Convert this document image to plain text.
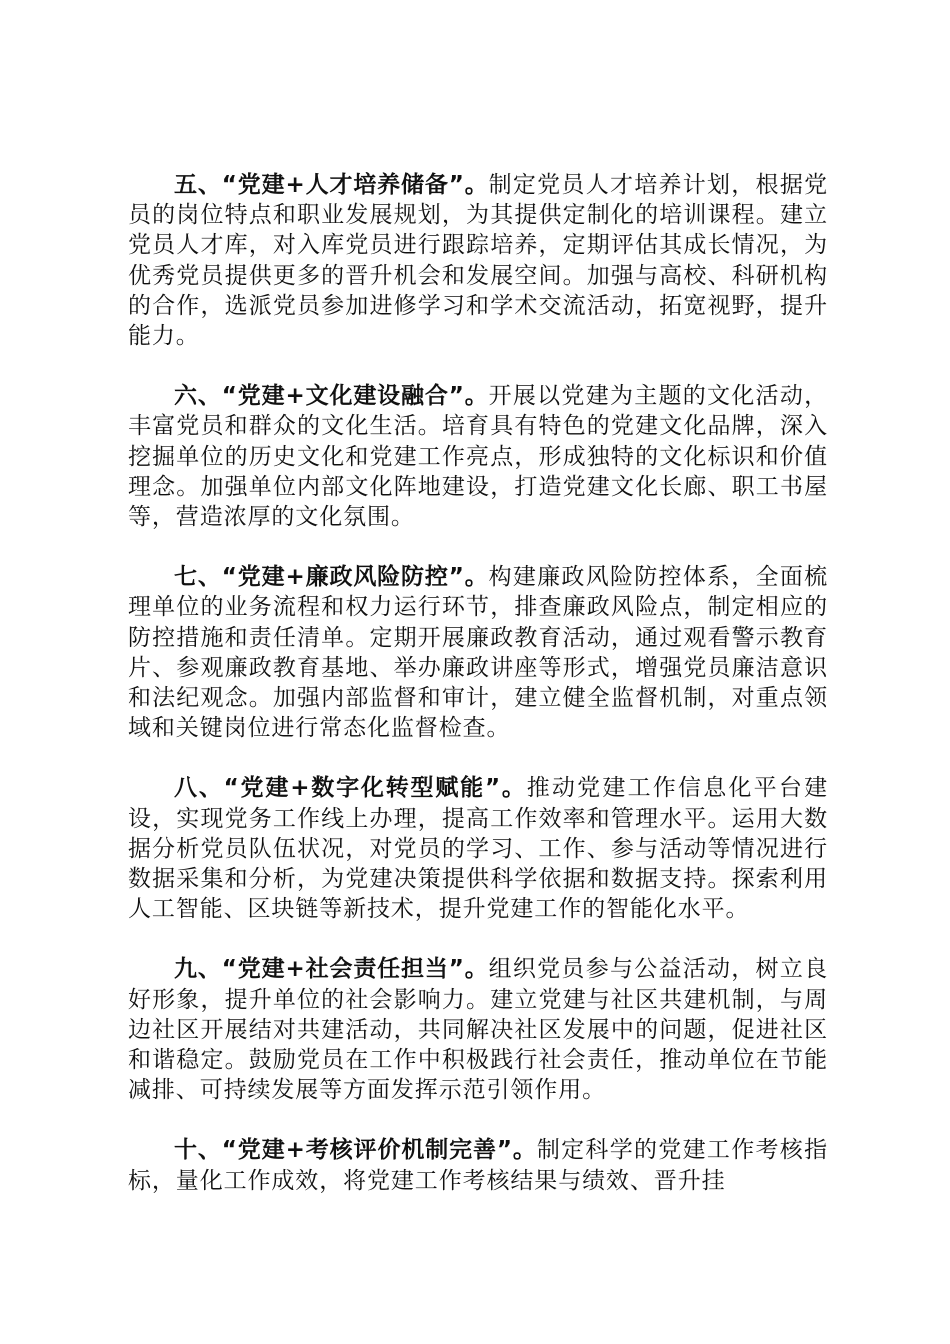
五、“党建+人才培养储备”。制定党员人才培养计划，根据党员的岗位特点和职业发展规划，为其提供定制化的培训课程。建立党员人才库，对入库党员进行跟踪培养，定期评估其成长情况，为优秀党员提供更多的晋升机会和发展空间。加强与高校、科研机构的合作，选派党员参加进修学习和学术交流活动，拓宽视野，提升能力。

六、“党建+文化建设融合”。开展以党建为主题的文化活动，丰富党员和群众的文化生活。培育具有特色的党建文化品牌，深入挖掘单位的历史文化和党建工作亮点，形成独特的文化标识和价值理念。加强单位内部文化阵地建设，打造党建文化长廊、职工书屋等，营造浓厚的文化氛围。

七、“党建+廉政风险防控”。构建廉政风险防控体系，全面梳理单位的业务流程和权力运行环节，排查廉政风险点，制定相应的防控措施和责任清单。定期开展廉政教育活动，通过观看警示教育片、参观廉政教育基地、举办廉政讲座等形式，增强党员廉洁意识和法纪观念。加强内部监督和审计，建立健全监督机制，对重点领域和关键岗位进行常态化监督检查。

八、“党建+数字化转型赋能”。推动党建工作信息化平台建设，实现党务工作线上办理，提高工作效率和管理水平。运用大数据分析党员队伍状况，对党员的学习、工作、参与活动等情况进行数据采集和分析，为党建决策提供科学依据和数据支持。探索利用人工智能、区块链等新技术，提升党建工作的智能化水平。

九、“党建+社会责任担当”。组织党员参与公益活动，树立良好形象，提升单位的社会影响力。建立党建与社区共建机制，与周边社区开展结对共建活动，共同解决社区发展中的问题，促进社区和谐稳定。鼓励党员在工作中积极践行社会责任，推动单位在节能减排、可持续发展等方面发挥示范引领作用。

十、“党建+考核评价机制完善”。制定科学的党建工作考核指标，量化工作成效，将党建工作考核结果与绩效、晋升挂
